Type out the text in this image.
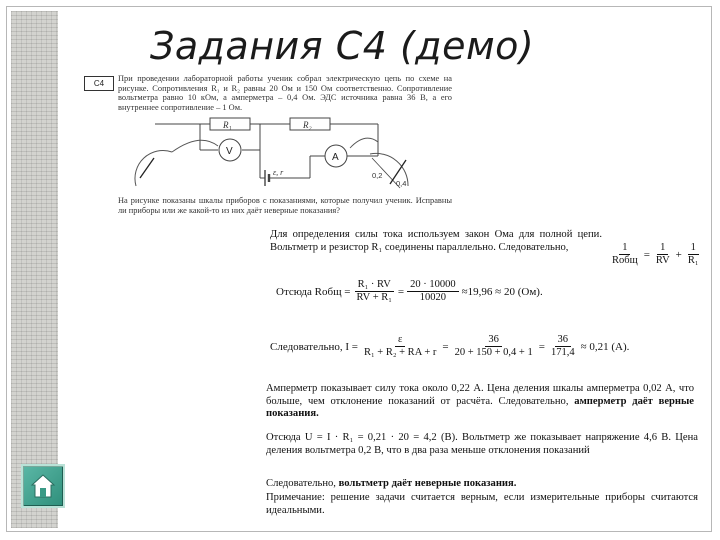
Задания С4 (демо)
С4
При проведении лабораторной работы ученик собрал электрическую цепь по схеме на рисунке. Сопротивления R₁ и R₂ равны 20 Ом и 150 Ом соответственно. Сопротивление вольтметра равно 10 кОм, а амперметра – 0,4 Ом. ЭДС источника равна 36 В, а его внутреннее сопротивление – 1 Ом.
R₁	R₂
V
A
ε, r	0,2
0,4
На рисунке показаны шкалы приборов с показаниями, которые получил ученик. Исправны ли приборы или же какой-то из них даёт неверные показания?
Для определения силы тока используем закон Ома для полной цепи. Вольтметр и резистор R₁ соединены параллельно. Следовательно,	$\frac{1}{\text{Rобщ}} = \frac{1}{RV} + \frac{1}{\text{R₁}}$
Отсюда Rобщ = $\frac{\text{R₁ · RV}}{\text{RV + R₁}} = \frac{20 \cdot 10000}{10020} \approx 19,96 \approx 20$ (Ом).
Следовательно, $I = \frac{\varepsilon}{\text{R₁ + R₂ + RA + r}} = \frac{36}{20 + 150 + 0,4 + 1} = \frac{36}{171,4} \approx 0,21$ (А).
Амперметр показывает силу тока около 0,22 А. Цена деления шкалы амперметра 0,02 А, что больше, чем отклонение показаний от расчёта. Следовательно, амперметр даёт верные показания.
Отсюда U = I · R₁ = 0,21 · 20 = 4,2 (В). Вольтметр же показывает напряжение 4,6 В. Цена деления вольтметра 0,2 В, что в два раза меньше отклонения показаний
Следовательно, вольтметр даёт неверные показания.
Примечание: решение задачи считается верным, если измерительные приборы считаются идеальными.
